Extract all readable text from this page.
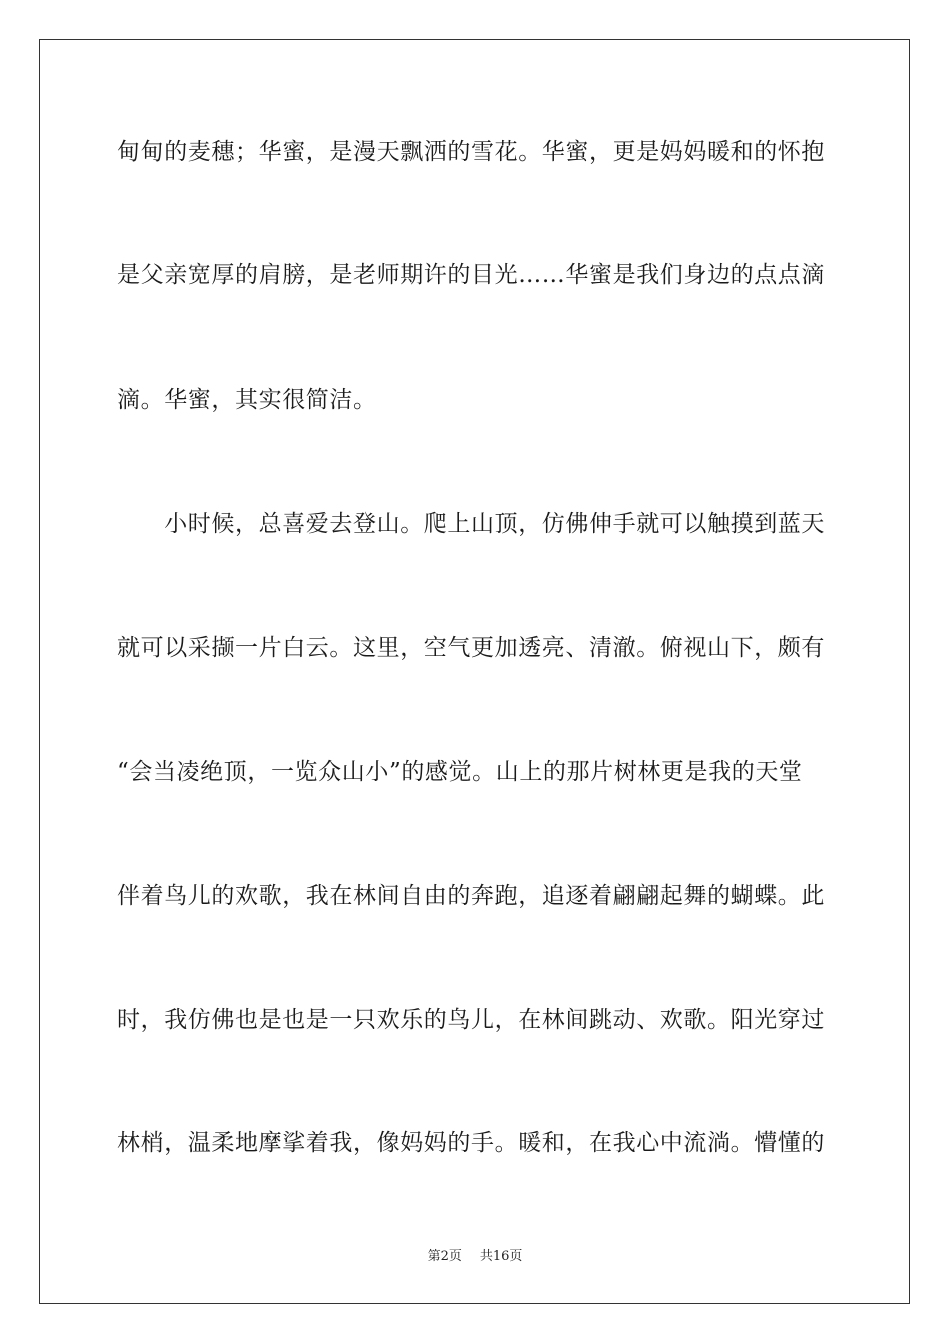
甸甸的麦穗；华蜜，是漫天飘洒的雪花。华蜜，更是妈妈暖和的怀抱
是父亲宽厚的肩膀，是老师期许的目光……华蜜是我们身边的点点滴
滴。华蜜，其实很简洁。
　　小时候，总喜爱去登山。爬上山顶，仿佛伸手就可以触摸到蓝天
就可以采撷一片白云。这里，空气更加透亮、清澈。俯视山下，颇有
“会当凌绝顶，一览众山小”的感觉。山上的那片树林更是我的天堂
伴着鸟儿的欢歌，我在林间自由的奔跑，追逐着翩翩起舞的蝴蝶。此
时，我仿佛也是也是一只欢乐的鸟儿，在林间跳动、欢歌。阳光穿过
林梢，温柔地摩挲着我，像妈妈的手。暖和，在我心中流淌。懵懂的
第2页 共16页
